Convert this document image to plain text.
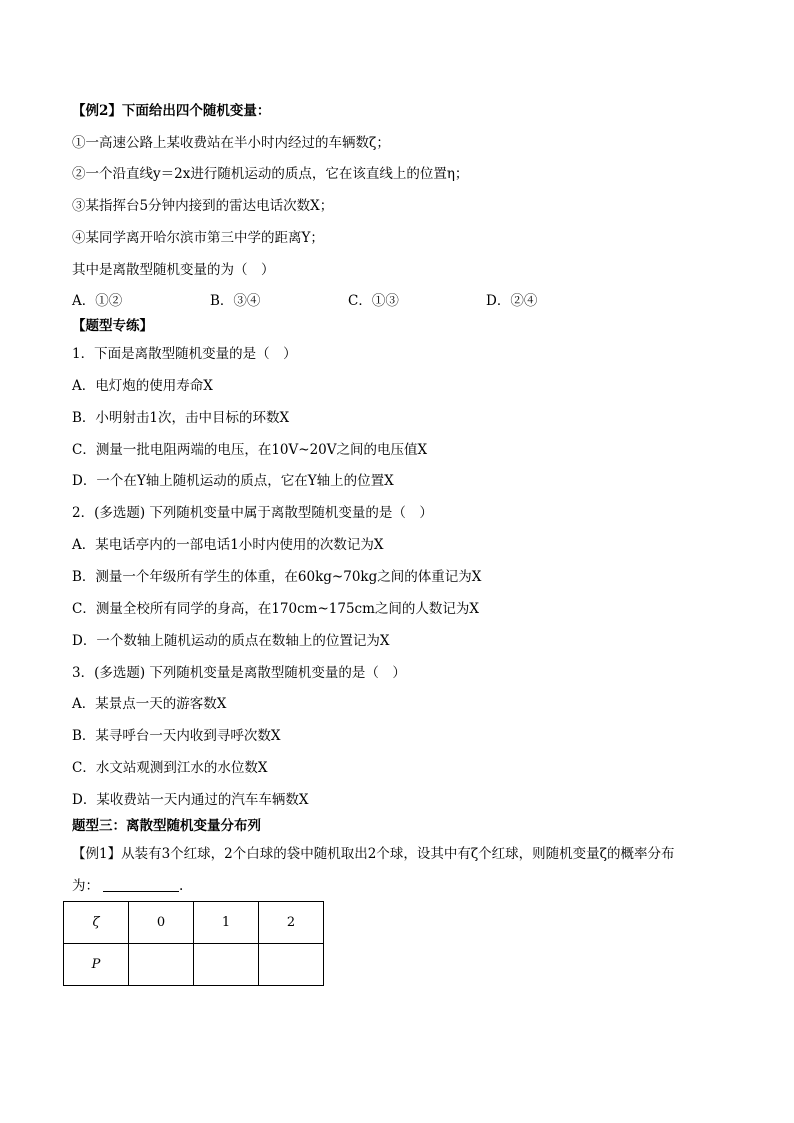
【例2】下面给出四个随机变量：
①一高速公路上某收费站在半小时内经过的车辆数ζ；
②一个沿直线y＝2x进行随机运动的质点，它在该直线上的位置η；
③某指挥台5分钟内接到的雷达电话次数X；
④某同学离开哈尔滨市第三中学的距离Y；
其中是离散型随机变量的为（　）
A．①②	B．③④	C．①③	D．②④
【题型专练】
1．下面是离散型随机变量的是（　）
A．电灯炮的使用寿命X
B．小明射击1次，击中目标的环数X
C．测量一批电阻两端的电压，在10V~20V之间的电压值X
D．一个在Y轴上随机运动的质点，它在Y轴上的位置X
2．(多选题) 下列随机变量中属于离散型随机变量的是（　）
A．某电话亭内的一部电话1小时内使用的次数记为X
B．测量一个年级所有学生的体重，在60kg~70kg之间的体重记为X
C．测量全校所有同学的身高，在170cm~175cm之间的人数记为X
D．一个数轴上随机运动的质点在数轴上的位置记为X
3．(多选题) 下列随机变量是离散型随机变量的是（　）
A．某景点一天的游客数X
B．某寻呼台一天内收到寻呼次数X
C．水文站观测到江水的水位数X
D．某收费站一天内通过的汽车车辆数X
题型三：离散型随机变量分布列
【例1】从装有3个红球，2个白球的袋中随机取出2个球，设其中有ζ个红球，则随机变量ζ的概率分布
为：	.
ζ	0	1	2
P			
